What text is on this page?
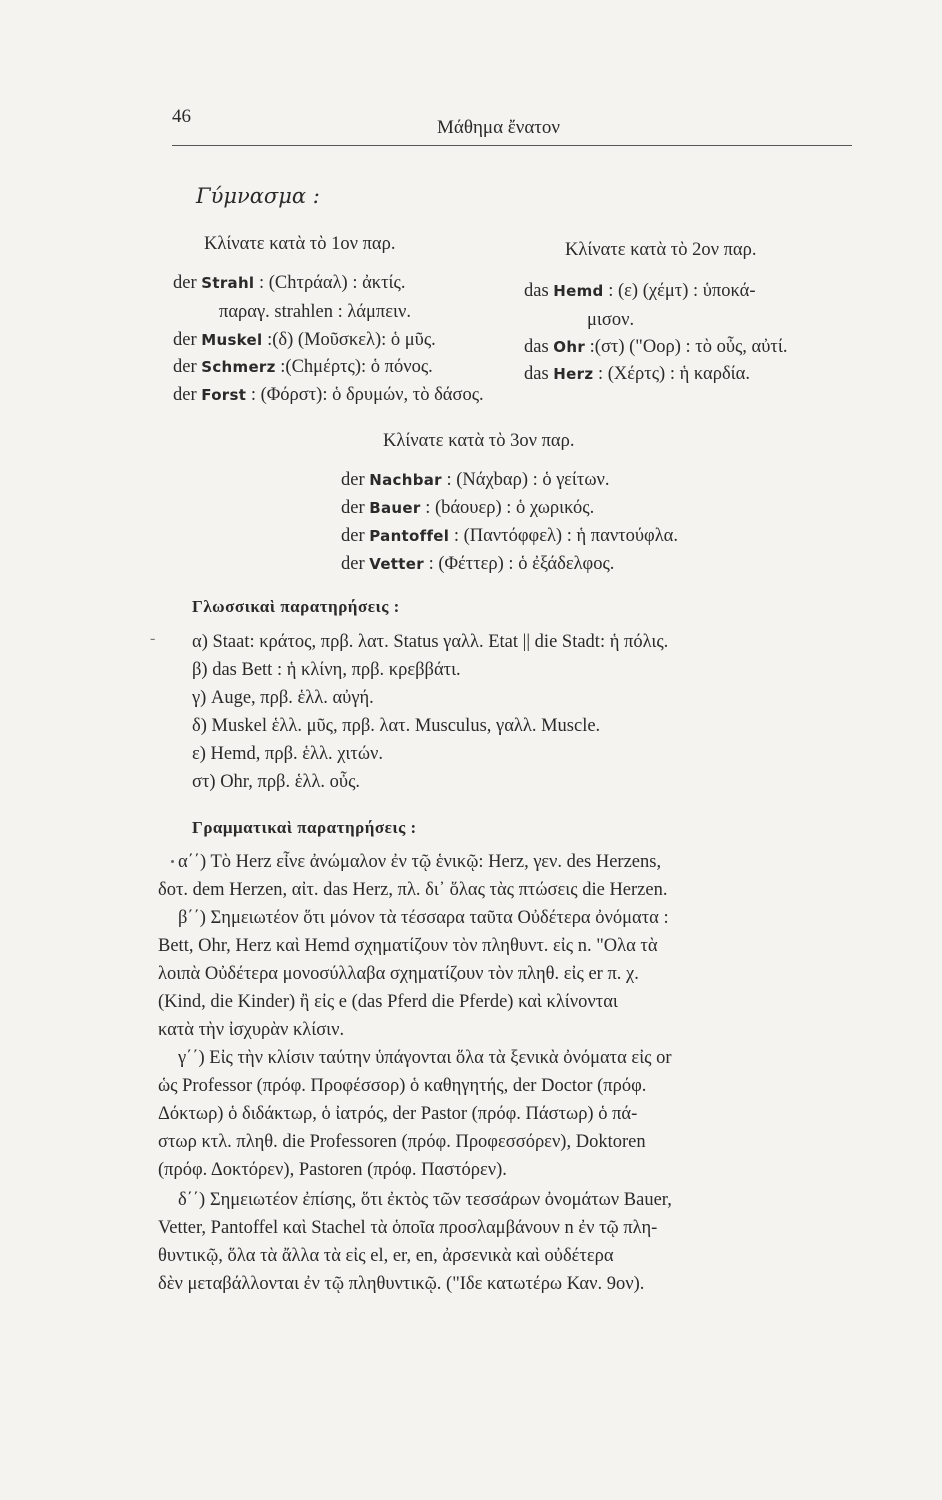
46
Μάθημα ἔνατον
Γύμνασμα :
Κλίνατε κατὰ τὸ 1ον παρ.
der Strahl : (Chτράαλ) : ἀκτίς.
παραγ. strahlen : λάμπειν.
der Muskel :(δ) (Μοῦσκελ): ὁ μῦς.
der Schmerz :(Chμέρτς): ὁ πόνος.
der Forst : (Φόρστ): ὁ δρυμών, τὸ δάσος.
Κλίνατε κατὰ τὸ 2ον παρ.
das Hemd : (ε) (χέμτ) : ὑποκά-
μισον.
das Ohr :(στ) ("Οορ) : τὸ οὖς, αὐτί.
das Herz : (Χέρτς) : ἡ καρδία.
Κλίνατε κατὰ τὸ 3ον παρ.
der Nachbar : (Νάχbαρ) : ὁ γείτων.
der Bauer : (bάουερ) : ὁ χωρικός.
der Pantoffel : (Παντόφφελ) : ἡ παντούφλα.
der Vetter : (Φέττερ) : ὁ ἐξάδελφος.
Γλωσσικαὶ παρατηρήσεις :
- α) Staat: κράτος, πρβ. λατ. Status γαλλ. Etat || die Stadt: ἡ πόλις.
β) das Bett : ἡ κλίνη, πρβ. κρεββάτι.
γ) Auge, πρβ. ἑλλ. αὐγή.
δ) Muskel ἑλλ. μῦς, πρβ. λατ. Musculus, γαλλ. Muscle.
ε) Hemd, πρβ. ἑλλ. χιτών.
στ) Ohr, πρβ. ἑλλ. οὖς.
Γραμματικαὶ παρατηρήσεις :
α΄΄) Τὸ Herz εἶνε ἀνώμαλον ἐν τῷ ἑνικῷ: Herz, γεν. des Herzens,
δοτ. dem Herzen, αἰτ. das Herz, πλ. δι᾽ ὅλας τὰς πτώσεις die Herzen.
β΄΄) Σημειωτέον ὅτι μόνον τὰ τέσσαρα ταῦτα Οὐδέτερα ὀνόματα :
Bett, Ohr, Herz καὶ Hemd σχηματίζουν τὸν πληθυντ. εἰς n. "Ολα τὰ
λοιπὰ Οὐδέτερα μονοσύλλαβα σχηματίζουν τὸν πληθ. εἰς er π. χ.
(Kind, die Kinder) ἢ εἰς e (das Pferd die Pferde) καὶ κλίνονται
κατὰ τὴν ἰσχυρὰν κλίσιν.
γ΄΄) Εἰς τὴν κλίσιν ταύτην ὑπάγονται ὅλα τὰ ξενικὰ ὀνόματα εἰς or
ὡς Professor (πρόφ. Προφέσσορ) ὁ καθηγητής, der Doctor (πρόφ.
Δόκτωρ) ὁ διδάκτωρ, ὁ ἰατρός, der Pastor (πρόφ. Πάστωρ) ὁ πά-
στωρ κτλ. πληθ. die Professoren (πρόφ. Προφεσσόρεν), Doktoren
(πρόφ. Δοκτόρεν), Pastoren (πρόφ. Παστόρεν).
δ΄΄) Σημειωτέον ἐπίσης, ὅτι ἐκτὸς τῶν τεσσάρων ὀνομάτων Bauer,
Vetter, Pantoffel καὶ Stachel τὰ ὁποῖα προσλαμβάνουν n ἐν τῷ πλη-
θυντικῷ, ὅλα τὰ ἄλλα τὰ εἰς el, er, en, ἀρσενικὰ καὶ οὐδέτερα
δὲν μεταβάλλονται ἐν τῷ πληθυντικῷ. ("Ιδε κατωτέρω Καν. 9ον).
